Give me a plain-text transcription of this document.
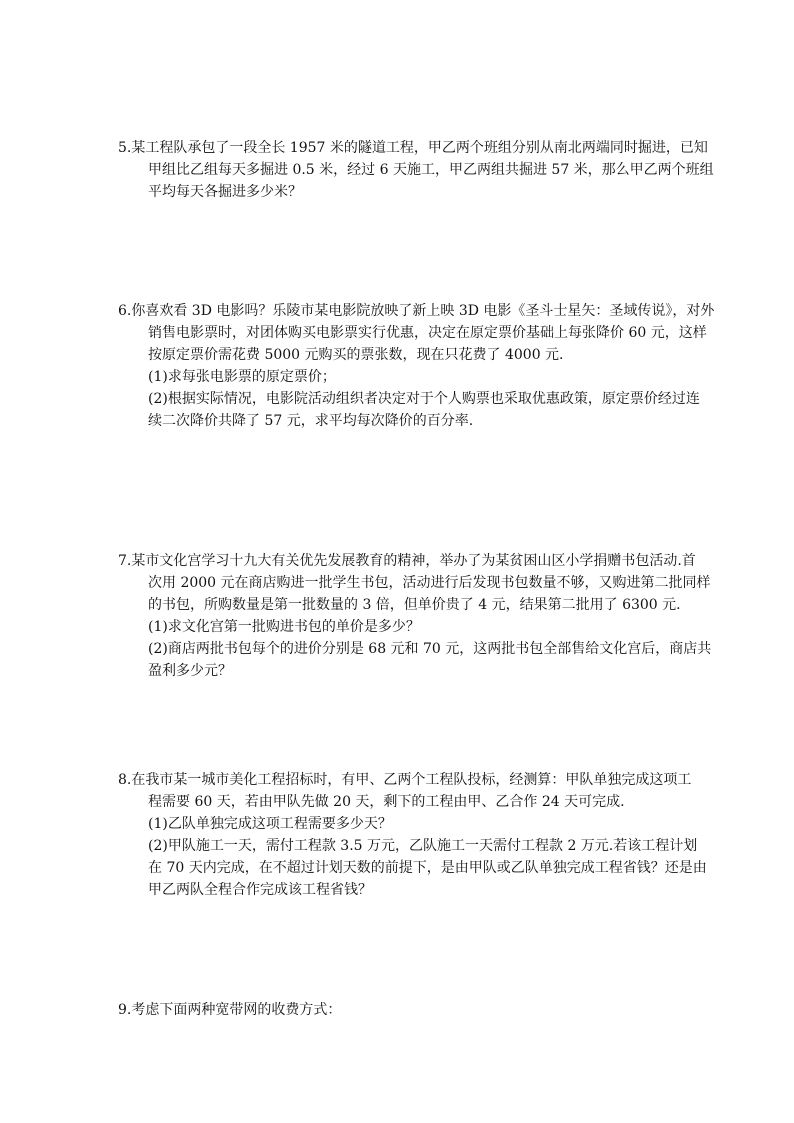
5.某工程队承包了一段全长 1957 米的隧道工程，甲乙两个班组分别从南北两端同时掘进，已知
甲组比乙组每天多掘进 0.5 米，经过 6 天施工，甲乙两组共掘进 57 米，那么甲乙两个班组
平均每天各掘进多少米？
6.你喜欢看 3D 电影吗？乐陵市某电影院放映了新上映 3D 电影《圣斗士星矢：圣域传说》，对外
销售电影票时，对团体购买电影票实行优惠，决定在原定票价基础上每张降价 60 元，这样
按原定票价需花费 5000 元购买的票张数，现在只花费了 4000 元.
(1)求每张电影票的原定票价；
(2)根据实际情况，电影院活动组织者决定对于个人购票也采取优惠政策，原定票价经过连
续二次降价共降了 57 元，求平均每次降价的百分率.
7.某市文化宫学习十九大有关优先发展教育的精神，举办了为某贫困山区小学捐赠书包活动.首
次用 2000 元在商店购进一批学生书包，活动进行后发现书包数量不够，又购进第二批同样
的书包，所购数量是第一批数量的 3 倍，但单价贵了 4 元，结果第二批用了 6300 元.
(1)求文化宫第一批购进书包的单价是多少？
(2)商店两批书包每个的进价分别是 68 元和 70 元，这两批书包全部售给文化宫后，商店共
盈利多少元？
8.在我市某一城市美化工程招标时，有甲、乙两个工程队投标，经测算：甲队单独完成这项工
程需要 60 天，若由甲队先做 20 天，剩下的工程由甲、乙合作 24 天可完成.
(1)乙队单独完成这项工程需要多少天？
(2)甲队施工一天，需付工程款 3.5 万元，乙队施工一天需付工程款 2 万元.若该工程计划
在 70 天内完成，在不超过计划天数的前提下，是由甲队或乙队单独完成工程省钱？还是由
甲乙两队全程合作完成该工程省钱？
9.考虑下面两种宽带网的收费方式：
